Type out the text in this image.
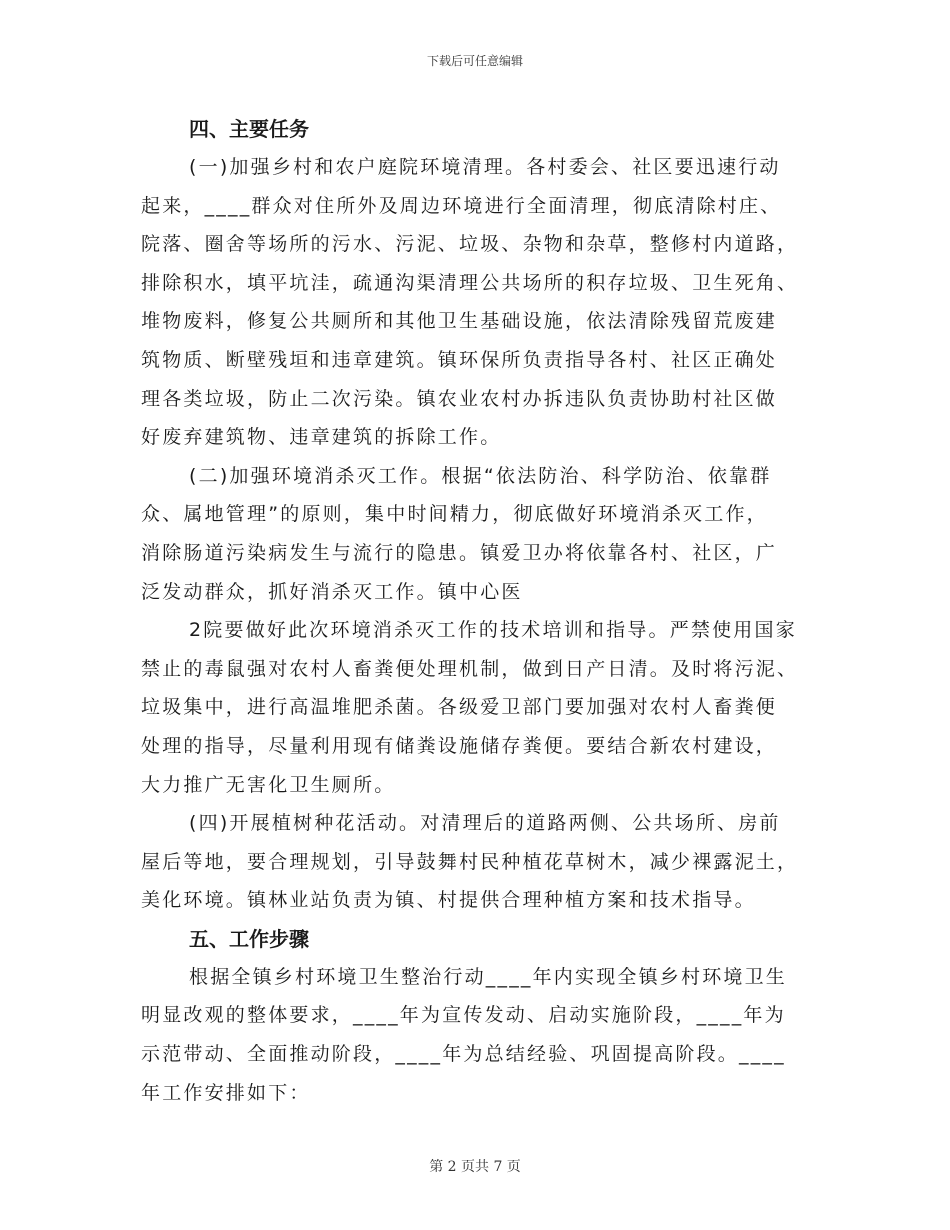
下载后可任意编辑
四、主要任务
(一)加强乡村和农户庭院环境清理。各村委会、社区要迅速行动
起来，____群众对住所外及周边环境进行全面清理，彻底清除村庄、
院落、圈舍等场所的污水、污泥、垃圾、杂物和杂草，整修村内道路，
排除积水，填平坑洼，疏通沟渠清理公共场所的积存垃圾、卫生死角、
堆物废料，修复公共厕所和其他卫生基础设施，依法清除残留荒废建
筑物质、断壁残垣和违章建筑。镇环保所负责指导各村、社区正确处
理各类垃圾，防止二次污染。镇农业农村办拆违队负责协助村社区做
好废弃建筑物、违章建筑的拆除工作。
(二)加强环境消杀灭工作。根据“依法防治、科学防治、依靠群
众、属地管理”的原则，集中时间精力，彻底做好环境消杀灭工作，
消除肠道污染病发生与流行的隐患。镇爱卫办将依靠各村、社区，广
泛发动群众，抓好消杀灭工作。镇中心医
2院要做好此次环境消杀灭工作的技术培训和指导。严禁使用国家
禁止的毒鼠强对农村人畜粪便处理机制，做到日产日清。及时将污泥、
垃圾集中，进行高温堆肥杀菌。各级爱卫部门要加强对农村人畜粪便
处理的指导，尽量利用现有储粪设施储存粪便。要结合新农村建设，
大力推广无害化卫生厕所。
(四)开展植树种花活动。对清理后的道路两侧、公共场所、房前
屋后等地，要合理规划，引导鼓舞村民种植花草树木，减少裸露泥土，
美化环境。镇林业站负责为镇、村提供合理种植方案和技术指导。
五、工作步骤
根据全镇乡村环境卫生整治行动____年内实现全镇乡村环境卫生
明显改观的整体要求，____年为宣传发动、启动实施阶段，____年为
示范带动、全面推动阶段，____年为总结经验、巩固提高阶段。____
年工作安排如下：
第 2 页共 7 页
